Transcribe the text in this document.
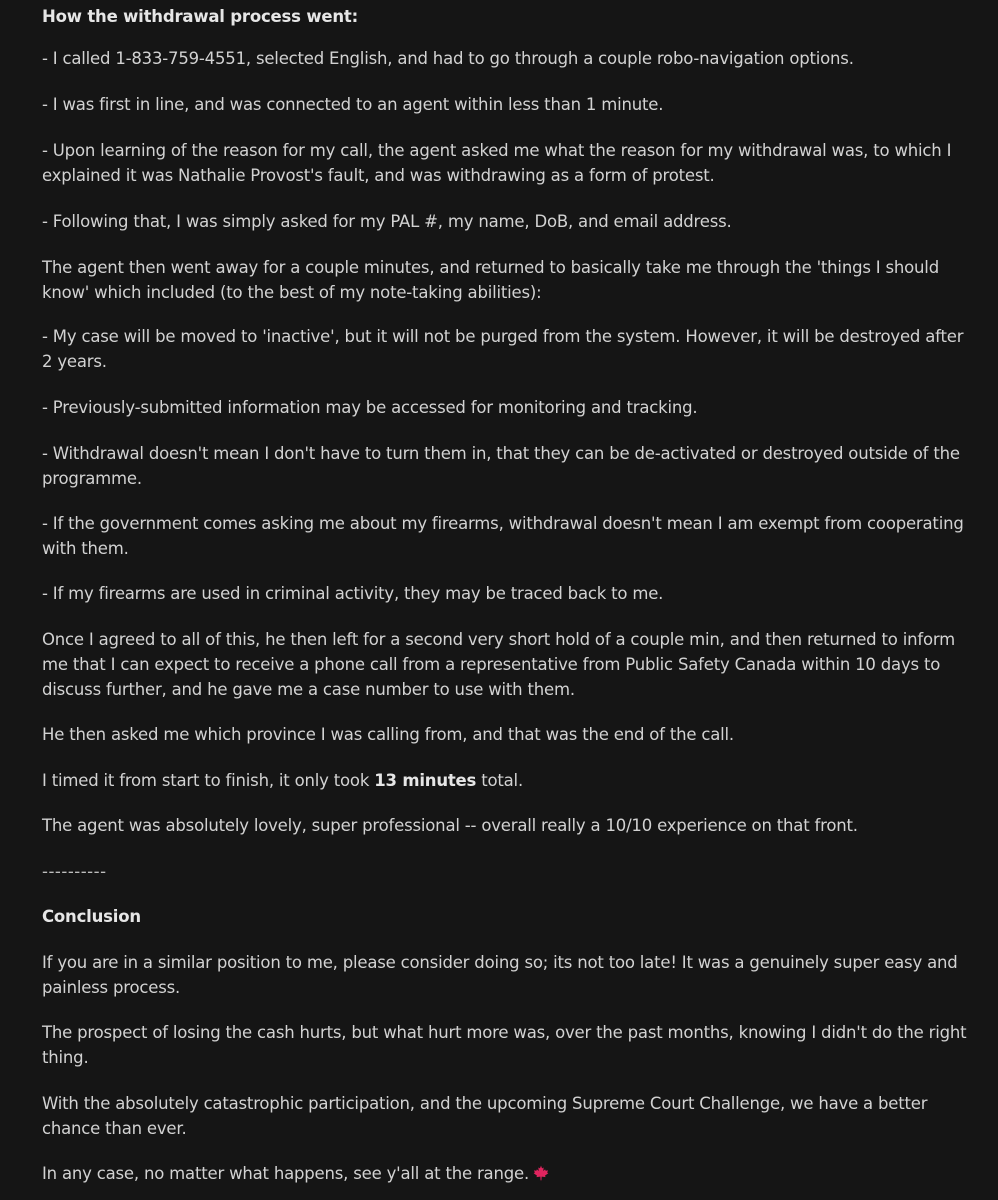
How the withdrawal process went:

- I called 1-833-759-4551, selected English, and had to go through a couple robo-navigation options.

- I was first in line, and was connected to an agent within less than 1 minute.

- Upon learning of the reason for my call, the agent asked me what the reason for my withdrawal was, to which I explained it was Nathalie Provost's fault, and was withdrawing as a form of protest.

- Following that, I was simply asked for my PAL #, my name, DoB, and email address.

The agent then went away for a couple minutes, and returned to basically take me through the 'things I should know' which included (to the best of my note-taking abilities):

- My case will be moved to 'inactive', but it will not be purged from the system. However, it will be destroyed after 2 years.

- Previously-submitted information may be accessed for monitoring and tracking.

- Withdrawal doesn't mean I don't have to turn them in, that they can be de-activated or destroyed outside of the programme.

- If the government comes asking me about my firearms, withdrawal doesn't mean I am exempt from cooperating with them.

- If my firearms are used in criminal activity, they may be traced back to me.

Once I agreed to all of this, he then left for a second very short hold of a couple min, and then returned to inform me that I can expect to receive a phone call from a representative from Public Safety Canada within 10 days to discuss further, and he gave me a case number to use with them.

He then asked me which province I was calling from, and that was the end of the call.

I timed it from start to finish, it only took 13 minutes total.

The agent was absolutely lovely, super professional -- overall really a 10/10 experience on that front.

----------

Conclusion

If you are in a similar position to me, please consider doing so; its not too late! It was a genuinely super easy and painless process.

The prospect of losing the cash hurts, but what hurt more was, over the past months, knowing I didn't do the right thing.

With the absolutely catastrophic participation, and the upcoming Supreme Court Challenge, we have a better chance than ever.

In any case, no matter what happens, see y'all at the range.
